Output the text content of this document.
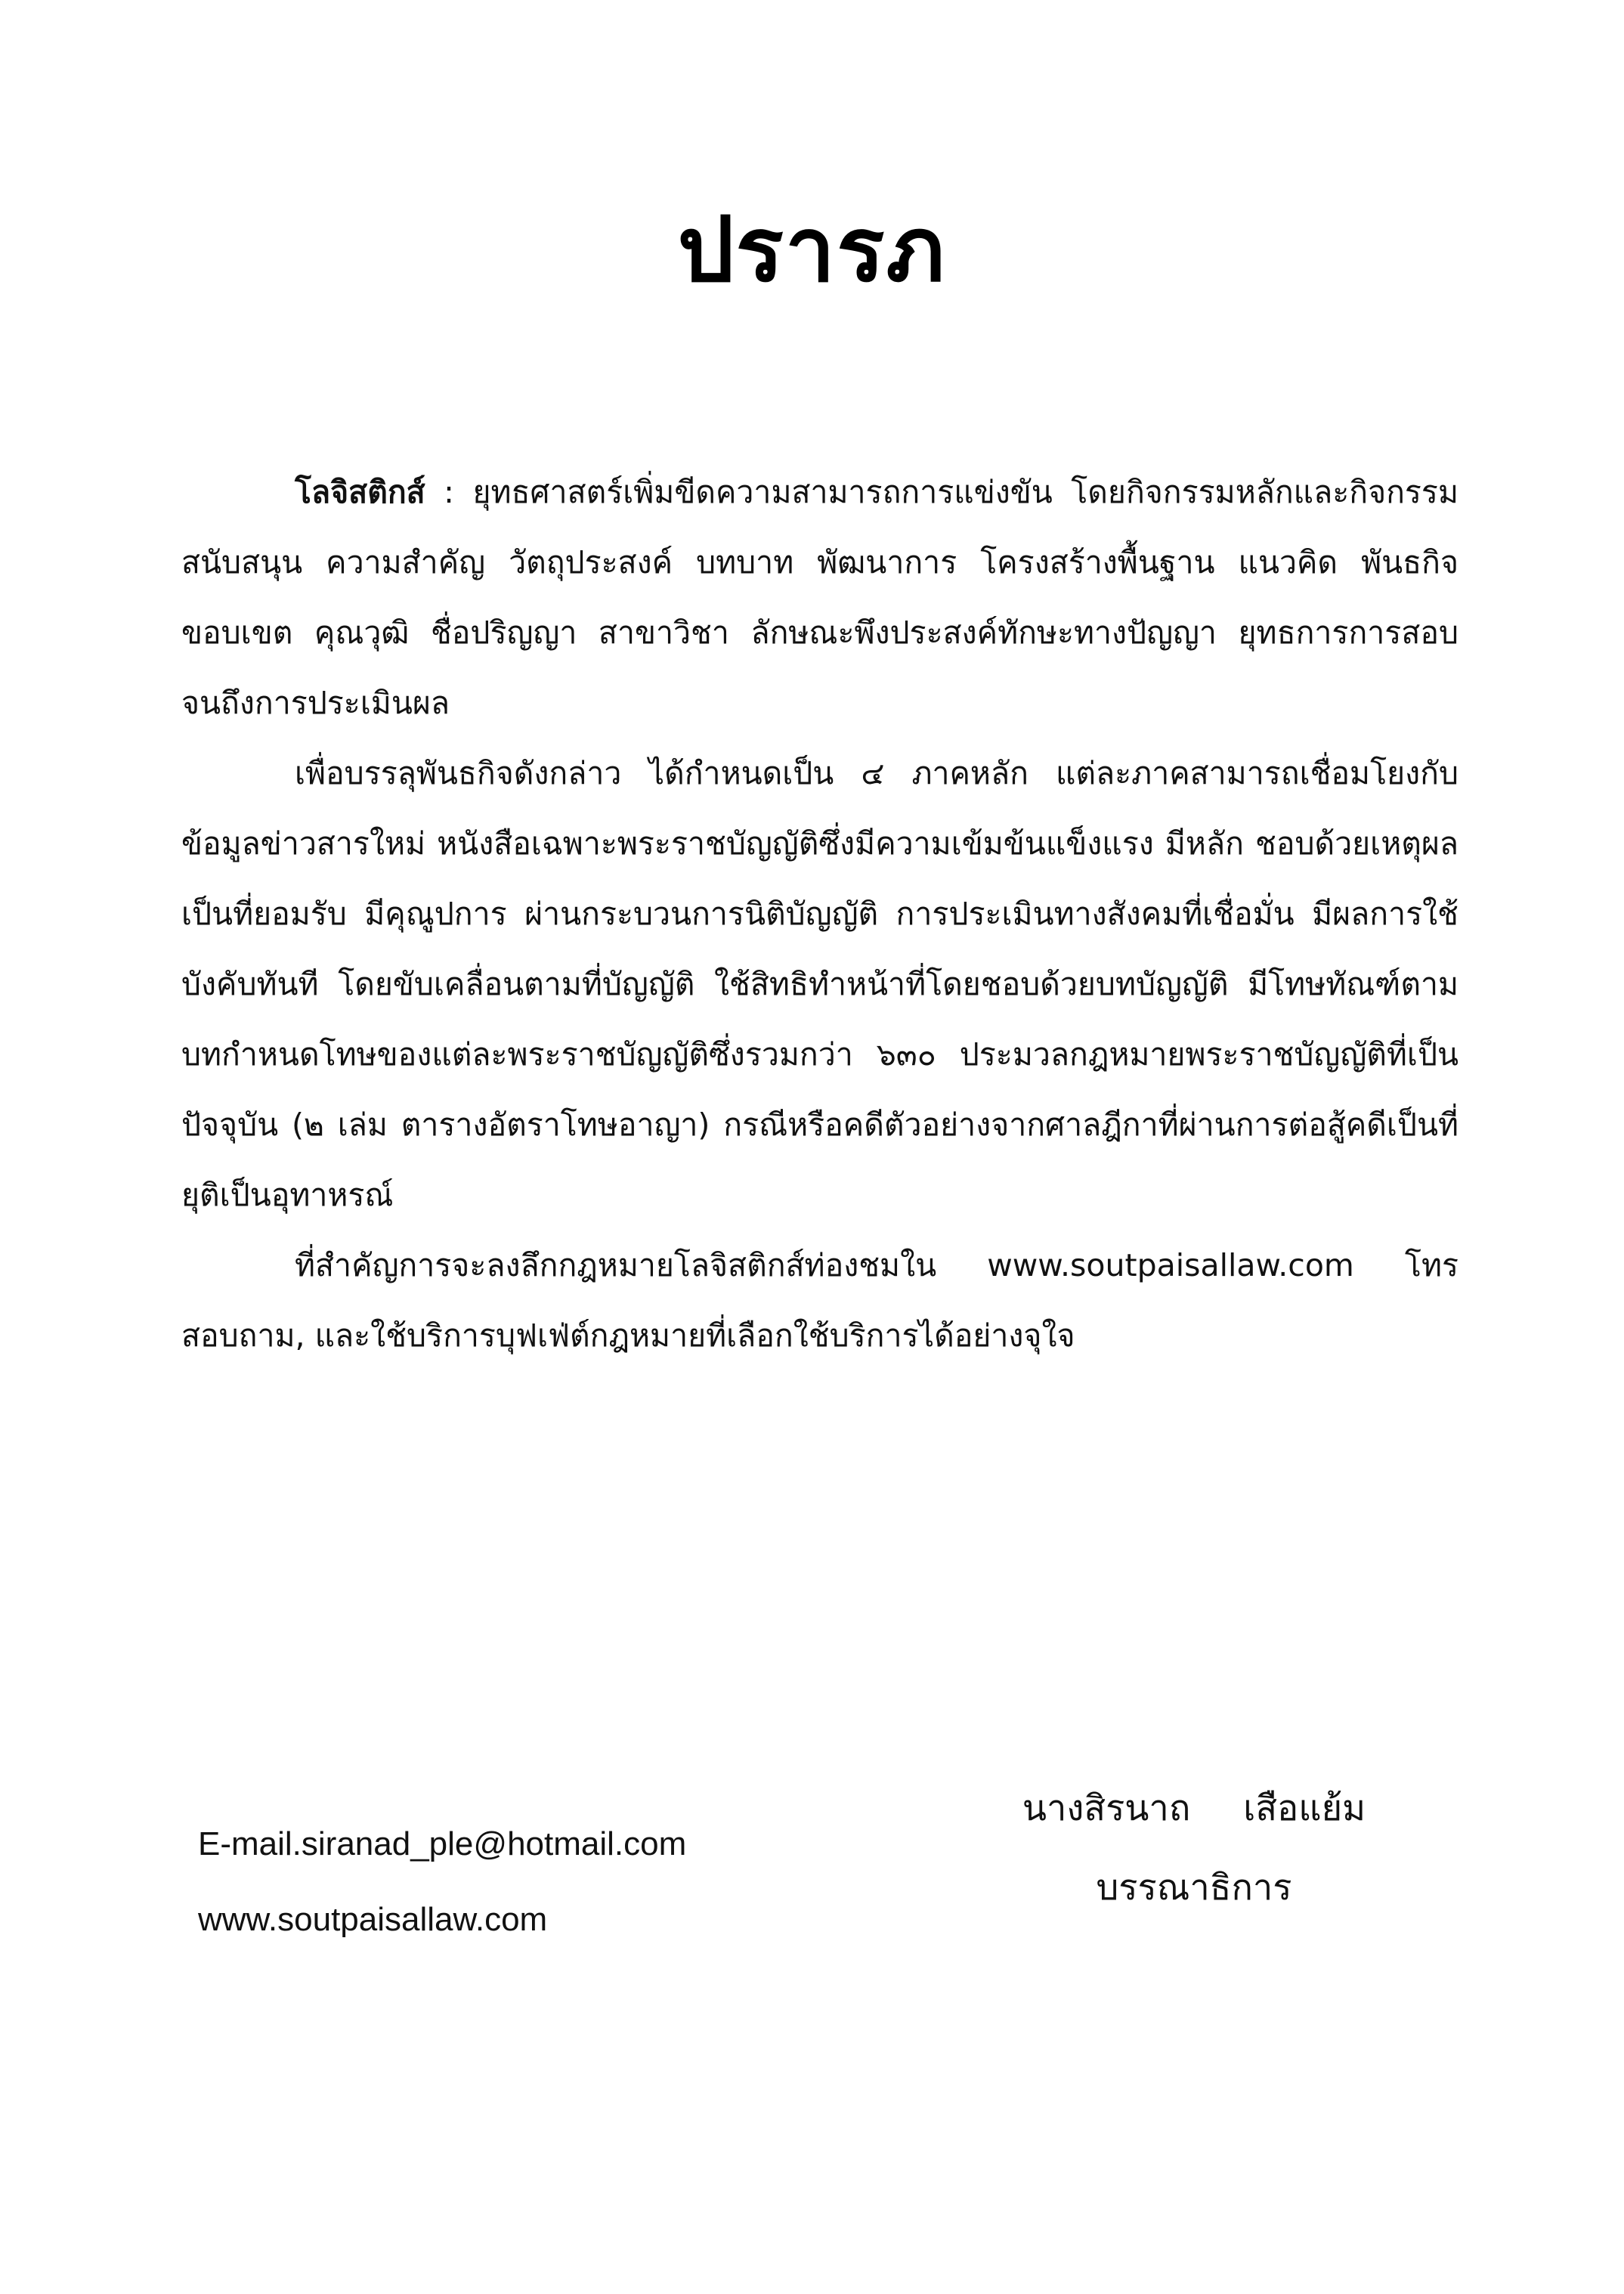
ปรารภ

โลจิสติกส์ : ยุทธศาสตร์เพิ่มขีดความสามารถการแข่งขัน โดยกิจกรรมหลักและกิจกรรมสนับสนุน ความสำคัญ วัตถุประสงค์ บทบาท พัฒนาการ โครงสร้างพื้นฐาน แนวคิด พันธกิจ ขอบเขต คุณวุฒิ ชื่อปริญญา สาขาวิชา ลักษณะพึงประสงค์ทักษะทางปัญญา ยุทธการการสอบ จนถึงการประเมินผล

เพื่อบรรลุพันธกิจดังกล่าว ได้กำหนดเป็น ๔ ภาคหลัก แต่ละภาคสามารถเชื่อมโยงกับข้อมูลข่าวสารใหม่ หนังสือเฉพาะพระราชบัญญัติซึ่งมีความเข้มข้นแข็งแรง มีหลัก ชอบด้วยเหตุผล เป็นที่ยอมรับ มีคุณูปการ ผ่านกระบวนการนิติบัญญัติ การประเมินทางสังคมที่เชื่อมั่น มีผลการใช้บังคับทันที โดยขับเคลื่อนตามที่บัญญัติ ใช้สิทธิทำหน้าที่โดยชอบด้วยบทบัญญัติ มีโทษทัณฑ์ตามบทกำหนดโทษของแต่ละพระราชบัญญัติซึ่งรวมกว่า ๖๓๐ ประมวลกฎหมายพระราชบัญญัติที่เป็นปัจจุบัน (๒ เล่ม ตารางอัตราโทษอาญา) กรณีหรือคดีตัวอย่างจากศาลฎีกาที่ผ่านการต่อสู้คดีเป็นที่ยุติเป็นอุทาหรณ์

ที่สำคัญการจะลงลึกกฎหมายโลจิสติกส์ท่องชมใน www.soutpaisallaw.com โทรสอบถาม, และใช้บริการบุฟเฟ่ต์กฎหมายที่เลือกใช้บริการได้อย่างจุใจ

E-mail.siranad_ple@hotmail.com
www.soutpaisallaw.com
นางสิรนาถ เสือแย้ม
บรรณาธิการ
